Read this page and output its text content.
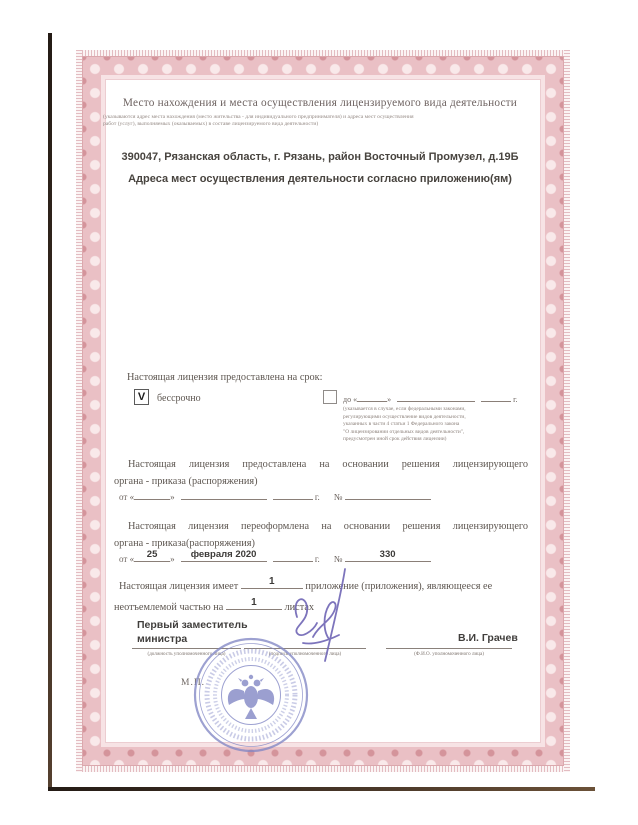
Место нахождения и места осуществления лицензируемого вида деятельности
(указываются адрес места нахождения (место жительства - для индивидуального предпринимателя) и адреса мест осуществления
работ (услуг), выполняемых (оказываемых) в составе лицензируемого вида деятельности)
390047, Рязанская область, г. Рязань, район Восточный Промузел, д.19Б
Адреса мест осуществления деятельности согласно приложению(ям)
Настоящая лицензия предоставлена на срок:
V	бессрочно	до «	»	г.
(указывается в случае, если федеральными законами,
регулирующими осуществление видов деятельности,
указанных в части 4 статьи 1 Федерального закона
"О лицензировании отдельных видов деятельности",
предусмотрен иной срок действия лицензии)
Настоящая лицензия предоставлена на основании решения лицензирующего
органа - приказа (распоряжения)
от «	»	г. №
Настоящая лицензия переоформлена на основании решения лицензирующего
органа - приказа(распоряжения)
от «	25	»	февраля 2020	г. №	330
Настоящая лицензия имеет	1	приложение (приложения), являющееся ее
неотъемлемой частью на	1	листах
Первый заместитель
министра	В.И. Грачев
(должность уполномоченного лица)	(подпись уполномоченного лица)	(Ф.И.О. уполномоченного лица)
М.П.
